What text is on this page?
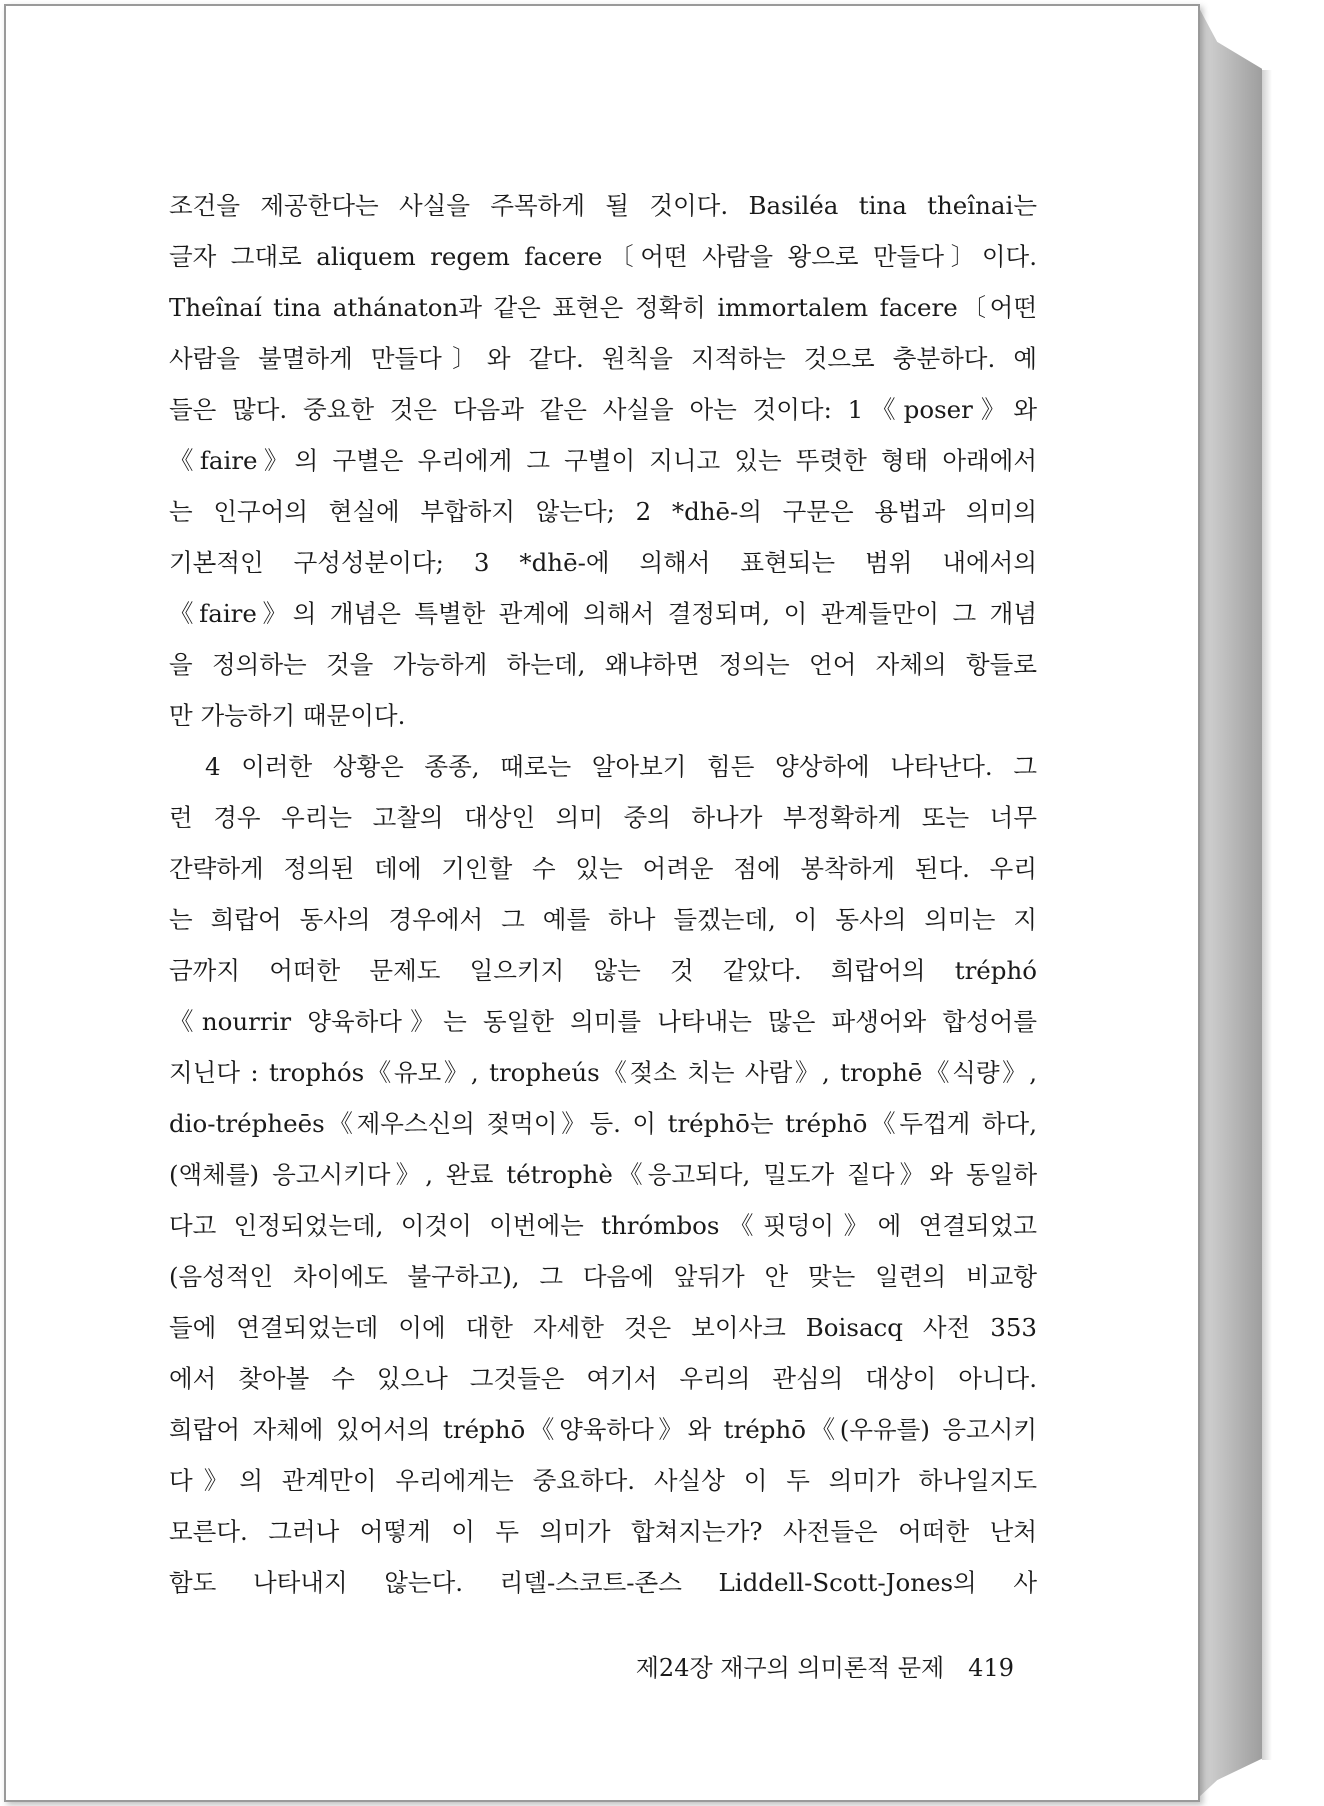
조건을 제공한다는 사실을 주목하게 될 것이다. Basiléa tina theînai는
글자 그대로 aliquem regem facere〔어떤 사람을 왕으로 만들다〕이다.
Theînaí tina athánaton과 같은 표현은 정확히 immortalem facere〔어떤
사람을 불멸하게 만들다〕와 같다. 원칙을 지적하는 것으로 충분하다. 예
들은 많다. 중요한 것은 다음과 같은 사실을 아는 것이다: 1《poser》와
《faire》의 구별은 우리에게 그 구별이 지니고 있는 뚜렷한 형태 아래에서
는 인구어의 현실에 부합하지 않는다; 2 *dhē-의 구문은 용법과 의미의
기본적인 구성성분이다; 3 *dhē-에 의해서 표현되는 범위 내에서의
《faire》의 개념은 특별한 관계에 의해서 결정되며, 이 관계들만이 그 개념
을 정의하는 것을 가능하게 하는데, 왜냐하면 정의는 언어 자체의 항들로
만 가능하기 때문이다.
4 이러한 상황은 종종, 때로는 알아보기 힘든 양상하에 나타난다. 그
런 경우 우리는 고찰의 대상인 의미 중의 하나가 부정확하게 또는 너무
간략하게 정의된 데에 기인할 수 있는 어려운 점에 봉착하게 된다. 우리
는 희랍어 동사의 경우에서 그 예를 하나 들겠는데, 이 동사의 의미는 지
금까지 어떠한 문제도 일으키지 않는 것 같았다. 희랍어의 tréphó
《nourrir 양육하다》는 동일한 의미를 나타내는 많은 파생어와 합성어를
지닌다 : trophós《유모》, tropheús《젖소 치는 사람》, trophē《식량》,
dio-trépheēs《제우스신의 젖먹이》등. 이 tréphō는 tréphō《두껍게 하다,
(액체를) 응고시키다》, 완료 tétrophè《응고되다, 밀도가 짙다》와 동일하
다고 인정되었는데, 이것이 이번에는 thrómbos《핏덩이》에 연결되었고
(음성적인 차이에도 불구하고), 그 다음에 앞뒤가 안 맞는 일련의 비교항
들에 연결되었는데 이에 대한 자세한 것은 보이사크 Boisacq 사전 353
에서 찾아볼 수 있으나 그것들은 여기서 우리의 관심의 대상이 아니다.
희랍어 자체에 있어서의 tréphō《양육하다》와 tréphō《(우유를) 응고시키
다》의 관계만이 우리에게는 중요하다. 사실상 이 두 의미가 하나일지도
모른다. 그러나 어떻게 이 두 의미가 합쳐지는가? 사전들은 어떠한 난처
함도 나타내지 않는다. 리델-스코트-존스 Liddell-Scott-Jones의 사
제24장 재구의 의미론적 문제　419
